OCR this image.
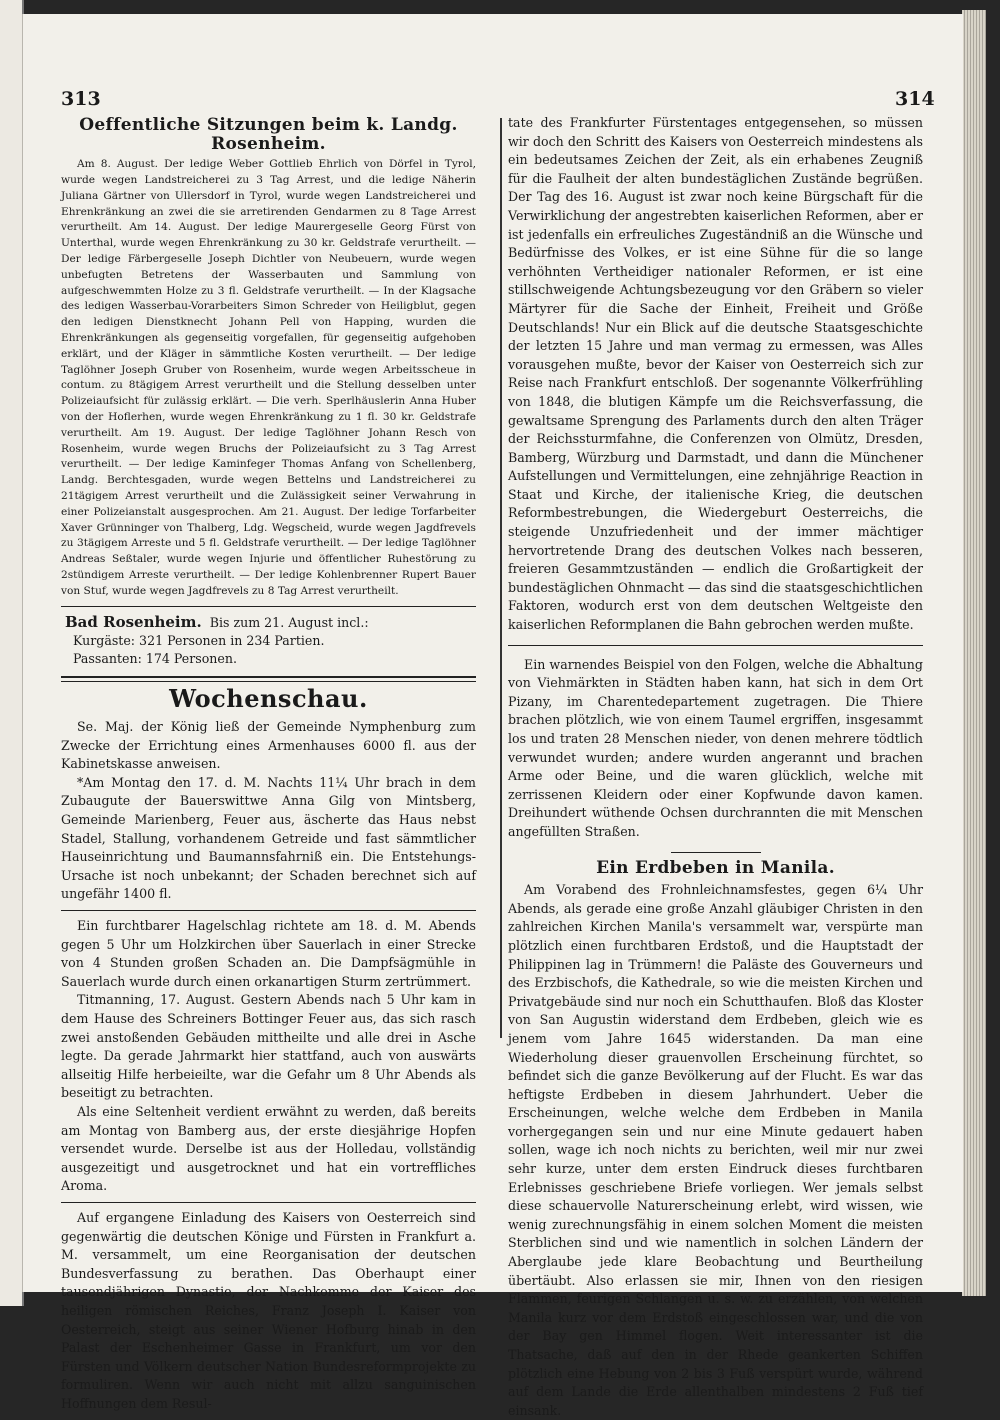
313	314
Oeffentliche Sitzungen beim k. Landg. Rosenheim.

Am 8. August. Der ledige Weber Gottlieb Ehrlich von Dörfel in Tyrol, wurde wegen Landstreicherei zu 3 Tag Arrest, und die ledige Näherin Juliana Gärtner von Ullersdorf in Tyrol, wurde wegen Landstreicherei und Ehrenkränkung an zwei die sie arretirenden Gendarmen zu 8 Tage Arrest verurtheilt. Am 14. August. Der ledige Maurergeselle Georg Fürst von Unterthal, wurde wegen Ehrenkränkung zu 30 kr. Geldstrafe verurtheilt. — Der ledige Färbergeselle Joseph Dichtler von Neubeuern, wurde wegen unbefugten Betretens der Wasserbauten und Sammlung von aufgeschwemmten Holze zu 3 fl. Geldstrafe verurtheilt. — In der Klagsache des ledigen Wasserbau-Vorarbeiters Simon Schreder von Heiligblut, gegen den ledigen Dienstknecht Johann Pell von Happing, wurden die Ehrenkränkungen als gegenseitig vorgefallen, für gegenseitig aufgehoben erklärt, und der Kläger in sämmtliche Kosten verurtheilt. — Der ledige Taglöhner Joseph Gruber von Rosenheim, wurde wegen Arbeitsscheue in contum. zu 8tägigem Arrest verurtheilt und die Stellung desselben unter Polizeiaufsicht für zulässig erklärt. — Die verh. Sperlhäuslerin Anna Huber von der Hoflerhen, wurde wegen Ehrenkränkung zu 1 fl. 30 kr. Geldstrafe verurtheilt. Am 19. August. Der ledige Taglöhner Johann Resch von Rosenheim, wurde wegen Bruchs der Polizeiaufsicht zu 3 Tag Arrest verurtheilt. — Der ledige Kaminfeger Thomas Anfang von Schellenberg, Landg. Berchtesgaden, wurde wegen Bettelns und Landstreicherei zu 21tägigem Arrest verurtheilt und die Zulässigkeit seiner Verwahrung in einer Polizeianstalt ausgesprochen. Am 21. August. Der ledige Torfarbeiter Xaver Grünninger von Thalberg, Ldg. Wegscheid, wurde wegen Jagdfrevels zu 3tägigem Arreste und 5 fl. Geldstrafe verurtheilt. — Der ledige Taglöhner Andreas Seßtaler, wurde wegen Injurie und öffentlicher Ruhestörung zu 2stündigem Arreste verurtheilt. — Der ledige Kohlenbrenner Rupert Bauer von Stuf, wurde wegen Jagdfrevels zu 8 Tag Arrest verurtheilt.

Bad Rosenheim. Bis zum 21. August incl.:
Kurgäste: 321 Personen in 234 Partien.
Passanten: 174 Personen.
Wochenschau.

Se. Maj. der König ließ der Gemeinde Nymphenburg zum Zwecke der Errichtung eines Armenhauses 6000 fl. aus der Kabinetskasse anweisen.

*Am Montag den 17. d. M. Nachts 11¼ Uhr brach in dem Zubaugute der Bauerswittwe Anna Gilg von Mintsberg, Gemeinde Marienberg, Feuer aus, äscherte das Haus nebst Stadel, Stallung, vorhandenem Getreide und fast sämmtlicher Hauseinrichtung und Baumannsfahrniß ein. Die Entstehungs-Ursache ist noch unbekannt; der Schaden berechnet sich auf ungefähr 1400 fl.

Ein furchtbarer Hagelschlag richtete am 18. d. M. Abends gegen 5 Uhr um Holzkirchen über Sauerlach in einer Strecke von 4 Stunden großen Schaden an. Die Dampfsägmühle in Sauerlach wurde durch einen orkanartigen Sturm zertrümmert.

Titmanning, 17. August. Gestern Abends nach 5 Uhr kam in dem Hause des Schreiners Bottinger Feuer aus, das sich rasch zwei anstoßenden Gebäuden mittheilte und alle drei in Asche legte. Da gerade Jahrmarkt hier stattfand, auch von auswärts allseitig Hilfe herbeieilte, war die Gefahr um 8 Uhr Abends als beseitigt zu betrachten.

Als eine Seltenheit verdient erwähnt zu werden, daß bereits am Montag von Bamberg aus, der erste diesjährige Hopfen versendet wurde. Derselbe ist aus der Holledau, vollständig ausgezeitigt und ausgetrocknet und hat ein vortreffliches Aroma.

Auf ergangene Einladung des Kaisers von Oesterreich sind gegenwärtig die deutschen Könige und Fürsten in Frankfurt a. M. versammelt, um eine Reorganisation der deutschen Bundesverfassung zu berathen. Das Oberhaupt einer tausendjährigen Dynastie, der Nachkomme der Kaiser des heiligen römischen Reiches, Franz Joseph I. Kaiser von Oesterreich, steigt aus seiner Wiener Hofburg hinab in den Palast der Eschenheimer Gasse in Frankfurt, um vor den Fürsten und Völkern deutscher Nation Bundesreformprojekte zu formuliren. Wenn wir auch nicht mit allzu sanguinischen Hoffnungen dem Resul-

tate des Frankfurter Fürstentages entgegensehen, so müssen wir doch den Schritt des Kaisers von Oesterreich mindestens als ein bedeutsames Zeichen der Zeit, als ein erhabenes Zeugniß für die Faulheit der alten bundestäglichen Zustände begrüßen. Der Tag des 16. August ist zwar noch keine Bürgschaft für die Verwirklichung der angestrebten kaiserlichen Reformen, aber er ist jedenfalls ein erfreuliches Zugeständniß an die Wünsche und Bedürfnisse des Volkes, er ist eine Sühne für die so lange verhöhnten Vertheidiger nationaler Reformen, er ist eine stillschweigende Achtungsbezeugung vor den Gräbern so vieler Märtyrer für die Sache der Einheit, Freiheit und Größe Deutschlands! Nur ein Blick auf die deutsche Staatsgeschichte der letzten 15 Jahre und man vermag zu ermessen, was Alles vorausgehen mußte, bevor der Kaiser von Oesterreich sich zur Reise nach Frankfurt entschloß. Der sogenannte Völkerfrühling von 1848, die blutigen Kämpfe um die Reichsverfassung, die gewaltsame Sprengung des Parlaments durch den alten Träger der Reichssturmfahne, die Conferenzen von Olmütz, Dresden, Bamberg, Würzburg und Darmstadt, und dann die Münchener Aufstellungen und Vermittelungen, eine zehnjährige Reaction in Staat und Kirche, der italienische Krieg, die deutschen Reformbestrebungen, die Wiedergeburt Oesterreichs, die steigende Unzufriedenheit und der immer mächtiger hervortretende Drang des deutschen Volkes nach besseren, freieren Gesammtzuständen — endlich die Großartigkeit der bundestäglichen Ohnmacht — das sind die staatsgeschichtlichen Faktoren, wodurch erst von dem deutschen Weltgeiste den kaiserlichen Reformplanen die Bahn gebrochen werden mußte.

Ein warnendes Beispiel von den Folgen, welche die Abhaltung von Viehmärkten in Städten haben kann, hat sich in dem Ort Pizany, im Charentedepartement zugetragen. Die Thiere brachen plötzlich, wie von einem Taumel ergriffen, insgesammt los und traten 28 Menschen nieder, von denen mehrere tödtlich verwundet wurden; andere wurden angerannt und brachen Arme oder Beine, und die waren glücklich, welche mit zerrissenen Kleidern oder einer Kopfwunde davon kamen. Dreihundert wüthende Ochsen durchrannten die mit Menschen angefüllten Straßen.

Ein Erdbeben in Manila.

Am Vorabend des Frohnleichnamsfestes, gegen 6¼ Uhr Abends, als gerade eine große Anzahl gläubiger Christen in den zahlreichen Kirchen Manila's versammelt war, verspürte man plötzlich einen furchtbaren Erdstoß, und die Hauptstadt der Philippinen lag in Trümmern! die Paläste des Gouverneurs und des Erzbischofs, die Kathedrale, so wie die meisten Kirchen und Privatgebäude sind nur noch ein Schutthaufen. Bloß das Kloster von San Augustin widerstand dem Erdbeben, gleich wie es jenem vom Jahre 1645 widerstanden. Da man eine Wiederholung dieser grauenvollen Erscheinung fürchtet, so befindet sich die ganze Bevölkerung auf der Flucht. Es war das heftigste Erdbeben in diesem Jahrhundert. Ueber die Erscheinungen, welche welche dem Erdbeben in Manila vorhergegangen sein und nur eine Minute gedauert haben sollen, wage ich noch nichts zu berichten, weil mir nur zwei sehr kurze, unter dem ersten Eindruck dieses furchtbaren Erlebnisses geschriebene Briefe vorliegen. Wer jemals selbst diese schauervolle Naturerscheinung erlebt, wird wissen, wie wenig zurechnungsfähig in einem solchen Moment die meisten Sterblichen sind und wie namentlich in solchen Ländern der Aberglaube jede klare Beobachtung und Beurtheilung übertäubt. Also erlassen sie mir, Ihnen von den riesigen Flammen, feurigen Schlangen u. s. w. zu erzählen, von welchen Manila kurz vor dem Erdstoß eingeschlossen war, und die von der Bay gen Himmel flogen. Weit interessanter ist die Thatsache, daß auf den in der Rhede geankerten Schiffen plötzlich eine Hebung von 2 bis 3 Fuß verspürt wurde, während auf dem Lande die Erde allenthalben mindestens 2 Fuß tief einsank.
